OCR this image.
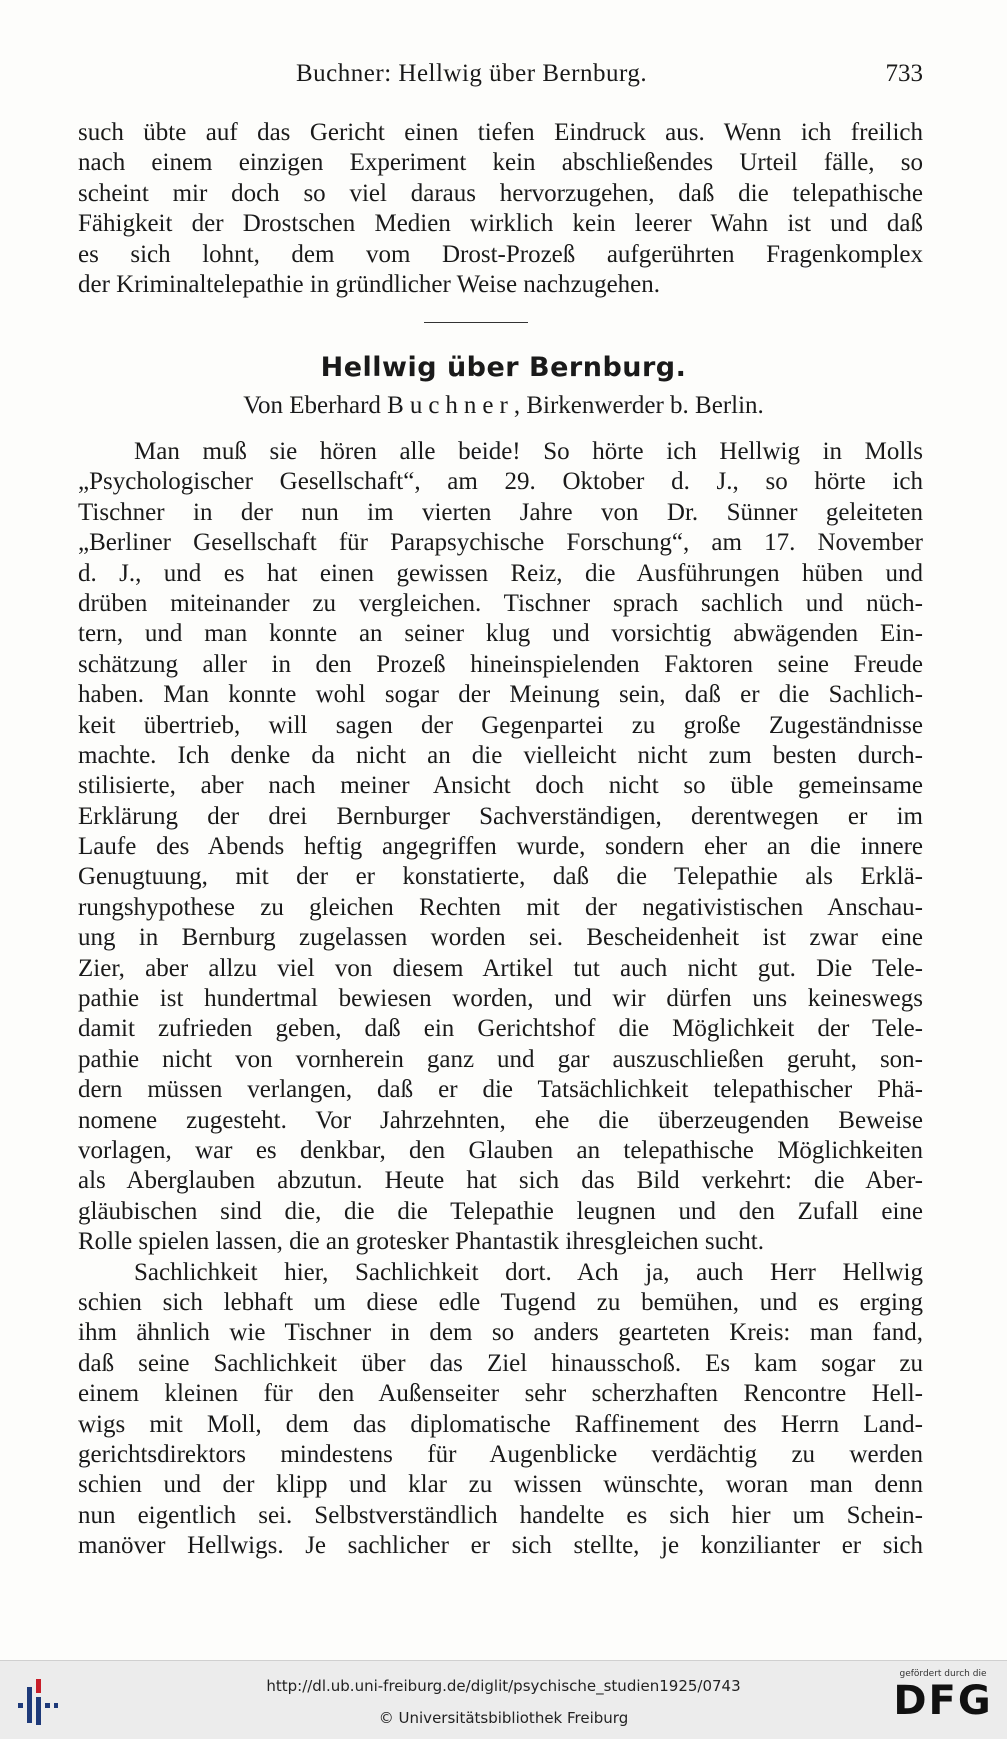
Buchner: Hellwig über Bernburg.	733
such übte auf das Gericht einen tiefen Eindruck aus. Wenn ich freilich
nach einem einzigen Experiment kein abschließendes Urteil fälle, so
scheint mir doch so viel daraus hervorzugehen, daß die telepathische
Fähigkeit der Drostschen Medien wirklich kein leerer Wahn ist und daß
es sich lohnt, dem vom Drost-Prozeß aufgerührten Fragenkomplex
der Kriminaltelepathie in gründlicher Weise nachzugehen.
Hellwig über Bernburg.
Von Eberhard Buchner, Birkenwerder b. Berlin.
Man muß sie hören alle beide! So hörte ich Hellwig in Molls
„Psychologischer Gesellschaft“, am 29. Oktober d. J., so hörte ich
Tischner in der nun im vierten Jahre von Dr. Sünner geleiteten
„Berliner Gesellschaft für Parapsychische Forschung“, am 17. November
d. J., und es hat einen gewissen Reiz, die Ausführungen hüben und
drüben miteinander zu vergleichen. Tischner sprach sachlich und nüch-
tern, und man konnte an seiner klug und vorsichtig abwägenden Ein-
schätzung aller in den Prozeß hineinspielenden Faktoren seine Freude
haben. Man konnte wohl sogar der Meinung sein, daß er die Sachlich-
keit übertrieb, will sagen der Gegenpartei zu große Zugeständnisse
machte. Ich denke da nicht an die vielleicht nicht zum besten durch-
stilisierte, aber nach meiner Ansicht doch nicht so üble gemeinsame
Erklärung der drei Bernburger Sachverständigen, derentwegen er im
Laufe des Abends heftig angegriffen wurde, sondern eher an die innere
Genugtuung, mit der er konstatierte, daß die Telepathie als Erklä-
rungshypothese zu gleichen Rechten mit der negativistischen Anschau-
ung in Bernburg zugelassen worden sei. Bescheidenheit ist zwar eine
Zier, aber allzu viel von diesem Artikel tut auch nicht gut. Die Tele-
pathie ist hundertmal bewiesen worden, und wir dürfen uns keineswegs
damit zufrieden geben, daß ein Gerichtshof die Möglichkeit der Tele-
pathie nicht von vornherein ganz und gar auszuschließen geruht, son-
dern müssen verlangen, daß er die Tatsächlichkeit telepathischer Phä-
nomene zugesteht. Vor Jahrzehnten, ehe die überzeugenden Beweise
vorlagen, war es denkbar, den Glauben an telepathische Möglichkeiten
als Aberglauben abzutun. Heute hat sich das Bild verkehrt: die Aber-
gläubischen sind die, die die Telepathie leugnen und den Zufall eine
Rolle spielen lassen, die an grotesker Phantastik ihresgleichen sucht.
Sachlichkeit hier, Sachlichkeit dort. Ach ja, auch Herr Hellwig
schien sich lebhaft um diese edle Tugend zu bemühen, und es erging
ihm ähnlich wie Tischner in dem so anders gearteten Kreis: man fand,
daß seine Sachlichkeit über das Ziel hinausschoß. Es kam sogar zu
einem kleinen für den Außenseiter sehr scherzhaften Rencontre Hell-
wigs mit Moll, dem das diplomatische Raffinement des Herrn Land-
gerichtsdirektors mindestens für Augenblicke verdächtig zu werden
schien und der klipp und klar zu wissen wünschte, woran man denn
nun eigentlich sei. Selbstverständlich handelte es sich hier um Schein-
manöver Hellwigs. Je sachlicher er sich stellte, je konzilianter er sich
http://dl.ub.uni-freiburg.de/diglit/psychische_studien1925/0743
© Universitätsbibliothek Freiburg
gefördert durch die
DFG
